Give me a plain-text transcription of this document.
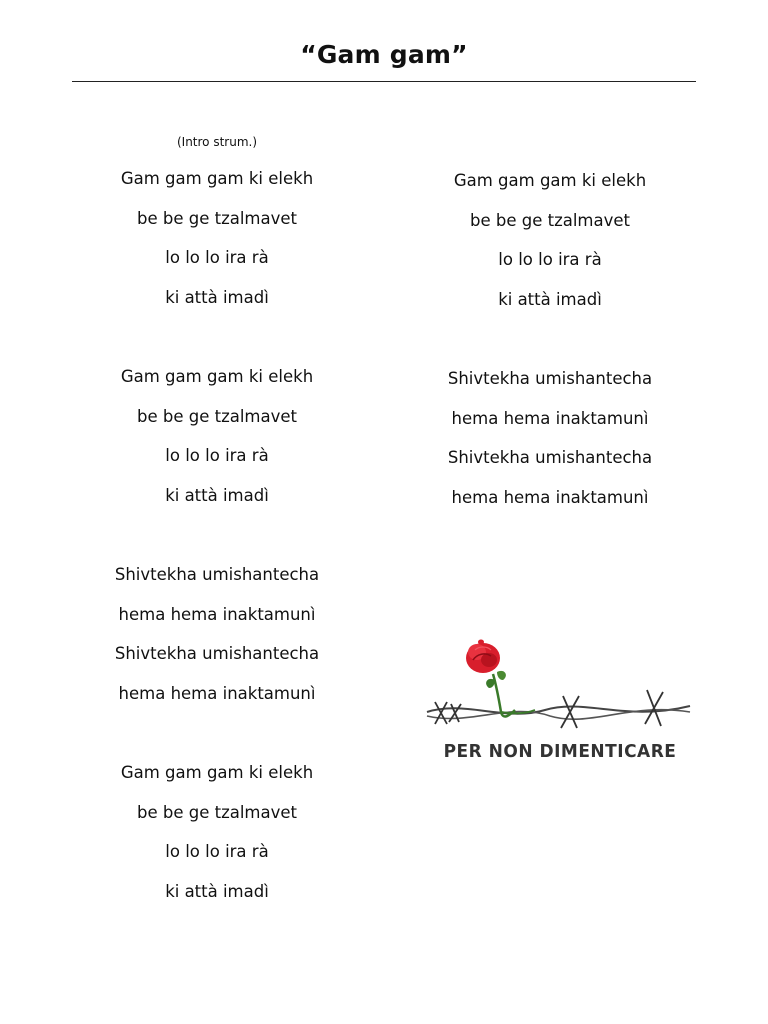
“Gam gam”
(Intro strum.)
Gam gam gam ki elekh
be be ge tzalmavet
lo lo lo ira rà
ki attà imadì
Gam gam gam ki elekh
be be ge tzalmavet
lo lo lo ira rà
ki attà imadì
Shivtekha umishantecha
hema hema inaktamunì
Shivtekha umishantecha
hema hema inaktamunì
Gam gam gam ki elekh
be be ge tzalmavet
lo lo lo ira rà
ki attà imadì
Gam gam gam ki elekh
be be ge tzalmavet
lo lo lo ira rà
ki attà imadì
Shivtekha umishantecha
hema hema inaktamunì
Shivtekha umishantecha
hema hema inaktamunì
PER NON DIMENTICARE
